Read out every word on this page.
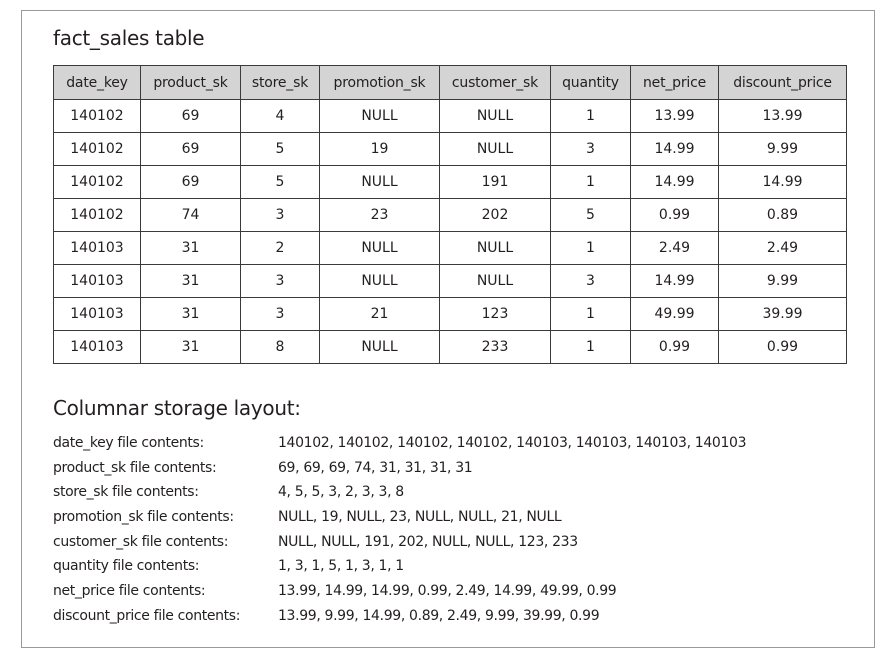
fact_sales table
date_key	product_sk	store_sk	promotion_sk	customer_sk	quantity	net_price	discount_price
140102	69	4	NULL	NULL	1	13.99	13.99
140102	69	5	19	NULL	3	14.99	9.99
140102	69	5	NULL	191	1	14.99	14.99
140102	74	3	23	202	5	0.99	0.89
140103	31	2	NULL	NULL	1	2.49	2.49
140103	31	3	NULL	NULL	3	14.99	9.99
140103	31	3	21	123	1	49.99	39.99
140103	31	8	NULL	233	1	0.99	0.99
Columnar storage layout:
date_key file contents:	140102, 140102, 140102, 140102, 140103, 140103, 140103, 140103
product_sk file contents:	69, 69, 69, 74, 31, 31, 31, 31
store_sk file contents:	4, 5, 5, 3, 2, 3, 3, 8
promotion_sk file contents:	NULL, 19, NULL, 23, NULL, NULL, 21, NULL
customer_sk file contents:	NULL, NULL, 191, 202, NULL, NULL, 123, 233
quantity file contents:	1, 3, 1, 5, 1, 3, 1, 1
net_price file contents:	13.99, 14.99, 14.99, 0.99, 2.49, 14.99, 49.99, 0.99
discount_price file contents:	13.99, 9.99, 14.99, 0.89, 2.49, 9.99, 39.99, 0.99
